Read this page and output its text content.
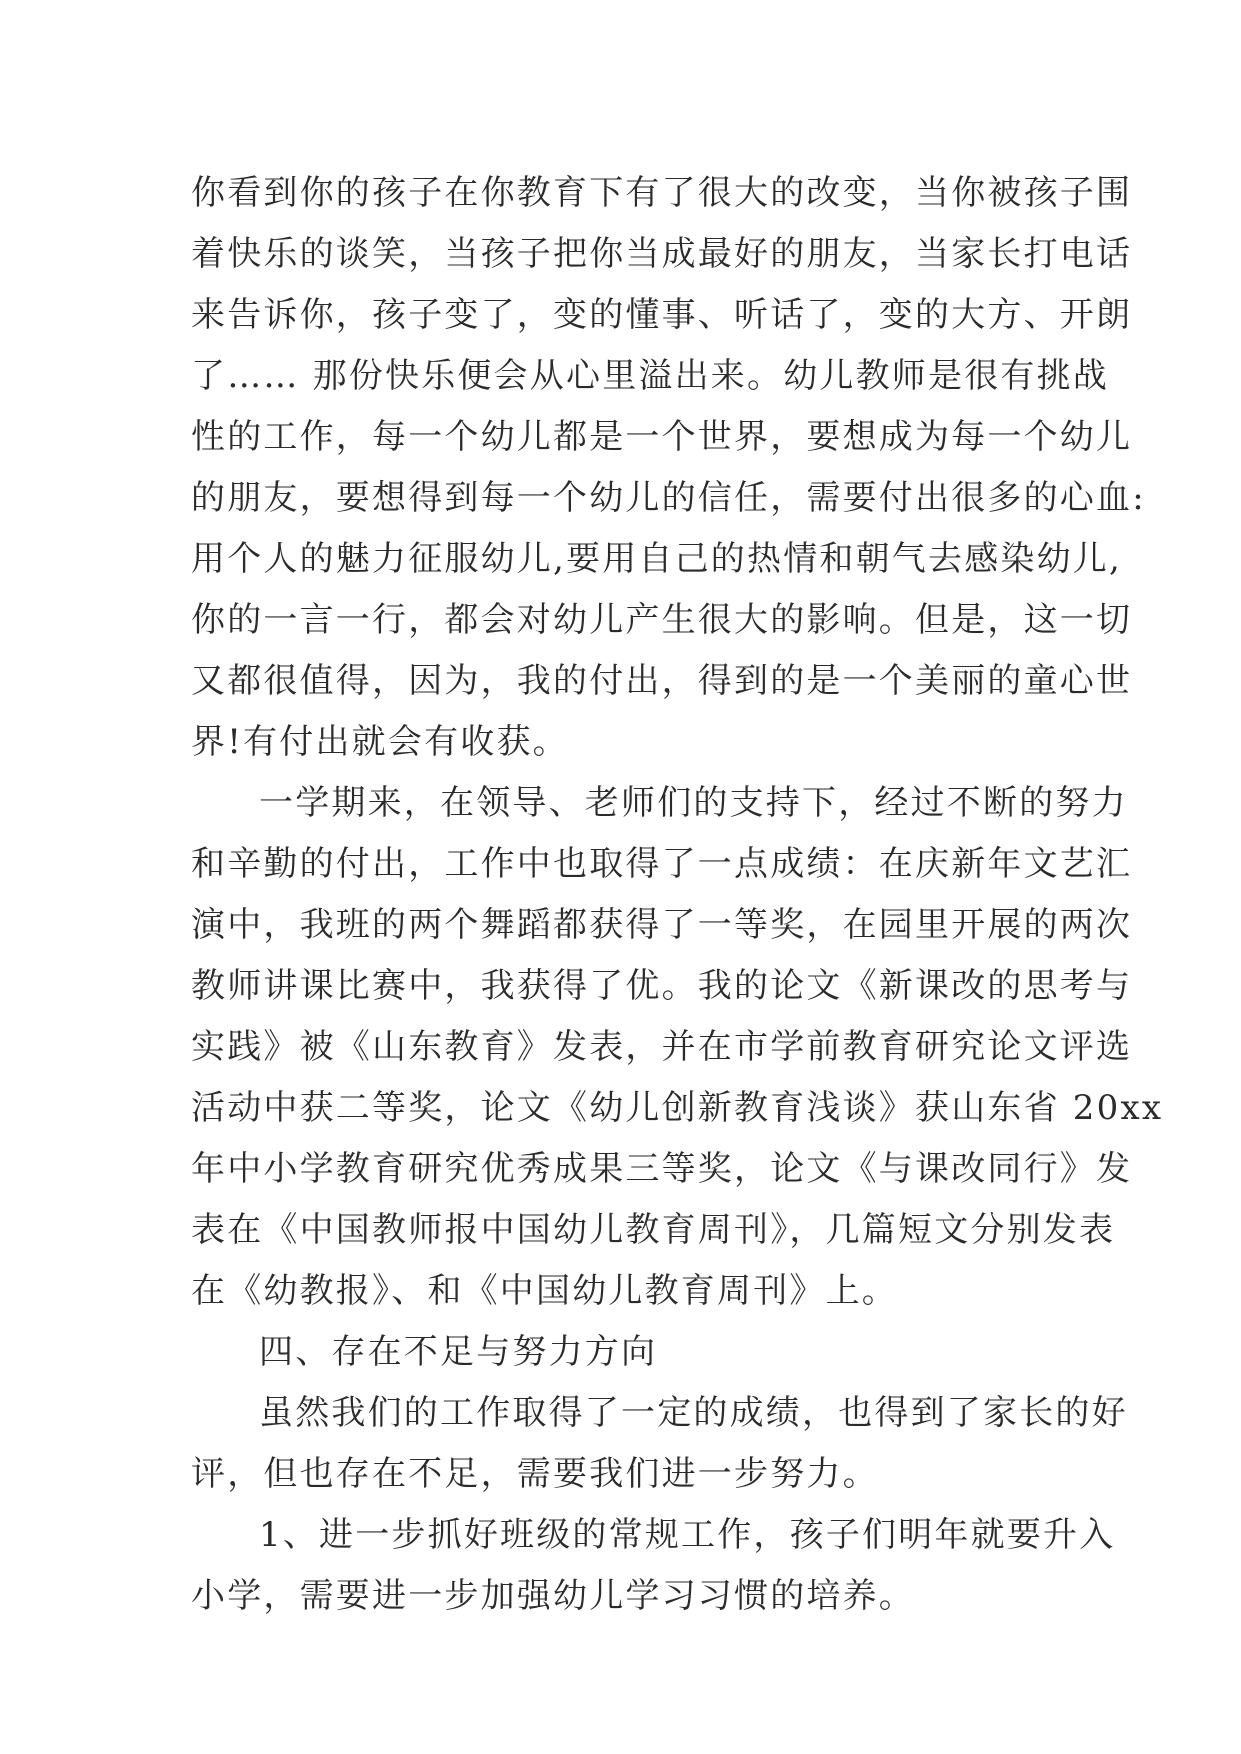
你看到你的孩子在你教育下有了很大的改变，当你被孩子围
着快乐的谈笑，当孩子把你当成最好的朋友，当家长打电话
来告诉你，孩子变了，变的懂事、听话了，变的大方、开朗
了…… 那份快乐便会从心里溢出来。幼儿教师是很有挑战
性的工作，每一个幼儿都是一个世界，要想成为每一个幼儿
的朋友，要想得到每一个幼儿的信任，需要付出很多的心血:
用个人的魅力征服幼儿,要用自己的热情和朝气去感染幼儿,
你的一言一行，都会对幼儿产生很大的影响。但是，这一切
又都很值得，因为，我的付出，得到的是一个美丽的童心世
界!有付出就会有收获。
一学期来，在领导、老师们的支持下，经过不断的努力
和辛勤的付出，工作中也取得了一点成绩：在庆新年文艺汇
演中，我班的两个舞蹈都获得了一等奖，在园里开展的两次
教师讲课比赛中，我获得了优。我的论文《新课改的思考与
实践》被《山东教育》发表，并在市学前教育研究论文评选
活动中获二等奖，论文《幼儿创新教育浅谈》获山东省 20xx
年中小学教育研究优秀成果三等奖，论文《与课改同行》发
表在《中国教师报中国幼儿教育周刊》，几篇短文分别发表
在《幼教报》、和《中国幼儿教育周刊》上。
四、存在不足与努力方向
虽然我们的工作取得了一定的成绩，也得到了家长的好
评，但也存在不足，需要我们进一步努力。
1、进一步抓好班级的常规工作，孩子们明年就要升入
小学，需要进一步加强幼儿学习习惯的培养。
